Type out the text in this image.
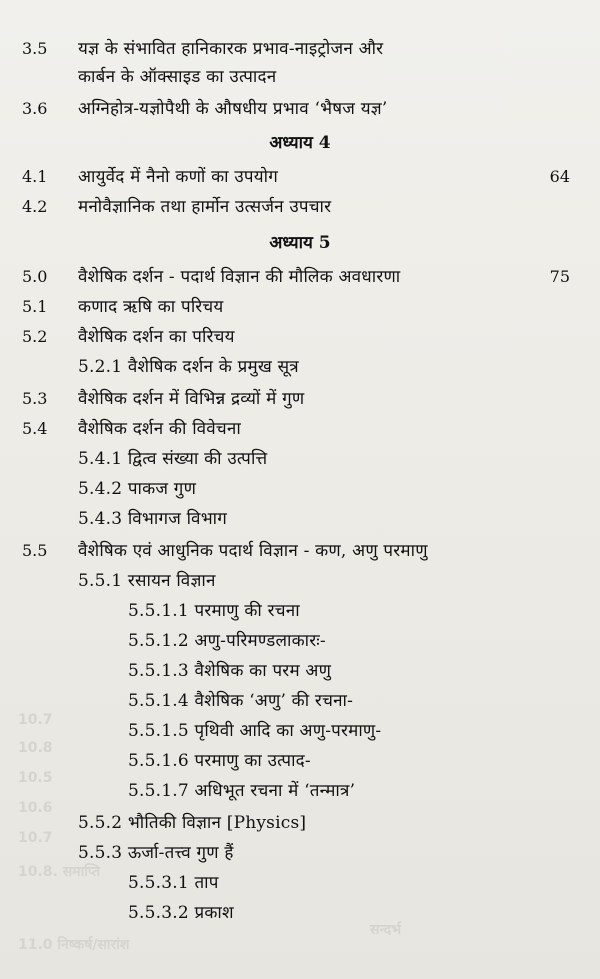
10.7
10.8
10.5
10.6
10.7
10.8. समाप्ति
11.0 निष्कर्ष/सारांश
सन्दर्भ
3.5 यज्ञ के संभावित हानिकारक प्रभाव-नाइट्रोजन और
कार्बन के ऑक्साइड का उत्पादन
3.6 अग्निहोत्र-यज्ञोपैथी के औषधीय प्रभाव ‘भैषज यज्ञ’
अध्याय 4
4.1 आयुर्वेद में नैनो कणों का उपयोग	64
4.2 मनोवैज्ञानिक तथा हार्मोन उत्सर्जन उपचार
अध्याय 5
5.0 वैशेषिक दर्शन - पदार्थ विज्ञान की मौलिक अवधारणा	75
5.1 कणाद ऋषि का परिचय
5.2 वैशेषिक दर्शन का परिचय
5.2.1 वैशेषिक दर्शन के प्रमुख सूत्र
5.3 वैशेषिक दर्शन में विभिन्न द्रव्यों में गुण
5.4 वैशेषिक दर्शन की विवेचना
5.4.1 द्वित्व संख्या की उत्पत्ति
5.4.2 पाकज गुण
5.4.3 विभागज विभाग
5.5 वैशेषिक एवं आधुनिक पदार्थ विज्ञान - कण, अणु परमाणु
5.5.1 रसायन विज्ञान
5.5.1.1 परमाणु की रचना
5.5.1.2 अणु-परिमण्डलाकारः-
5.5.1.3 वैशेषिक का परम अणु
5.5.1.4 वैशेषिक ‘अणु’ की रचना-
5.5.1.5 पृथिवी आदि का अणु-परमाणु-
5.5.1.6 परमाणु का उत्पाद-
5.5.1.7 अधिभूत रचना में ‘तन्मात्र’
5.5.2 भौतिकी विज्ञान [Physics]
5.5.3 ऊर्जा-तत्त्व गुण हैं
5.5.3.1 ताप
5.5.3.2 प्रकाश
